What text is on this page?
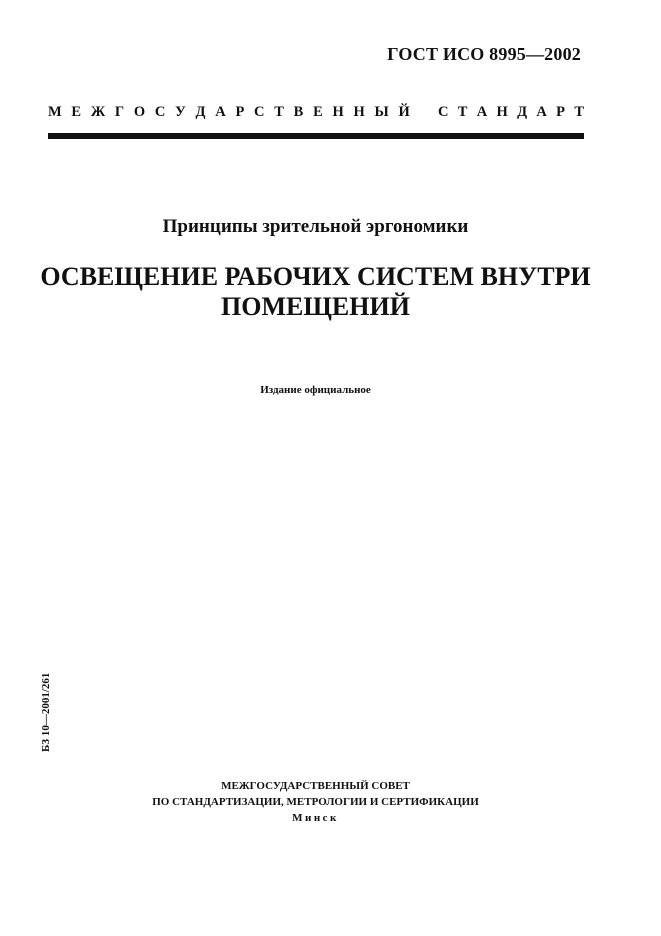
ГОСТ ИСО 8995—2002
М Е Ж Г О С У Д А Р С Т В Е Н Н Ы Й С Т А Н Д А Р Т
Принципы зрительной эргономики
ОСВЕЩЕНИЕ РАБОЧИХ СИСТЕМ ВНУТРИ
ПОМЕЩЕНИЙ
Издание официальное
БЗ 10—2001/261
МЕЖГОСУДАРСТВЕННЫЙ СОВЕТ
ПО СТАНДАРТИЗАЦИИ, МЕТРОЛОГИИ И СЕРТИФИКАЦИИ
Минск
